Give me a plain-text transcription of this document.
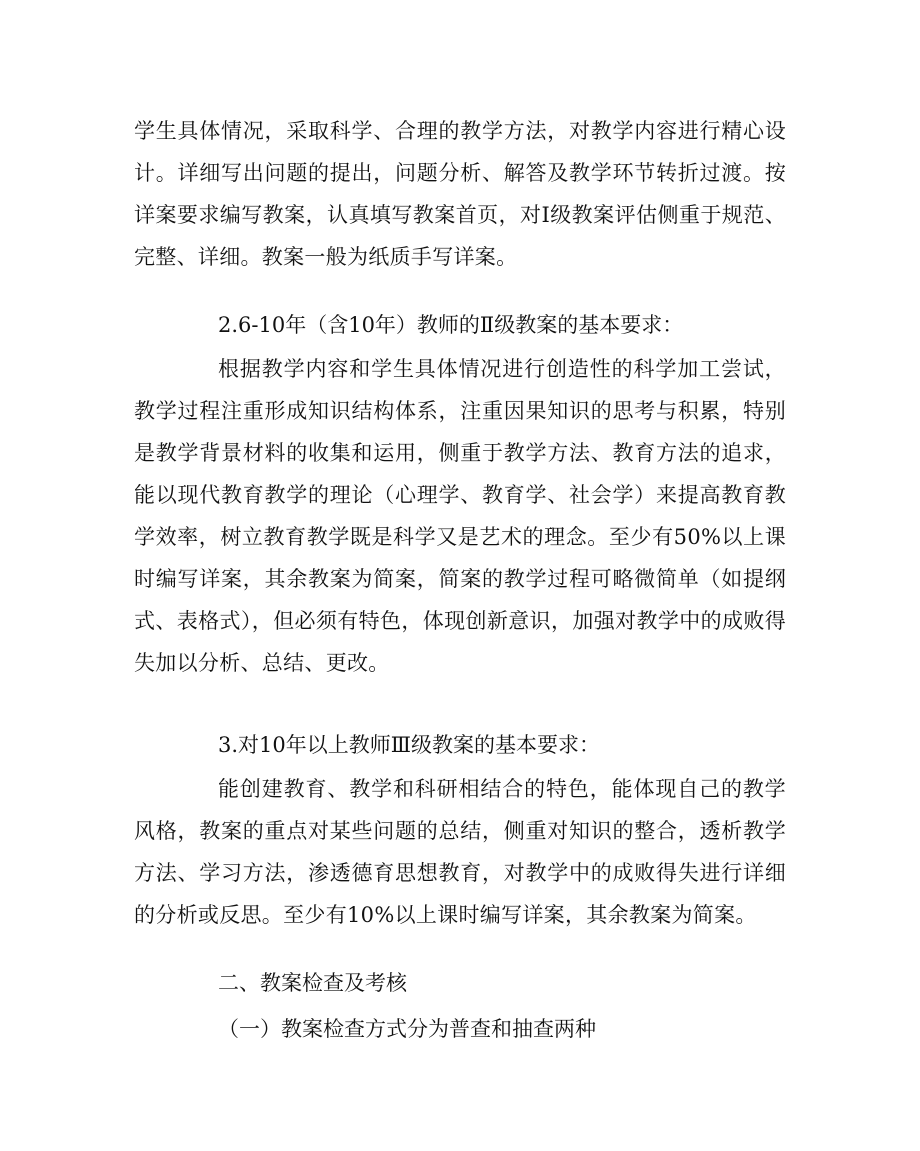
学生具体情况，采取科学、合理的教学方法，对教学内容进行精心设计。详细写出问题的提出，问题分析、解答及教学环节转折过渡。按详案要求编写教案，认真填写教案首页，对Ⅰ级教案评估侧重于规范、完整、详细。教案一般为纸质手写详案。

2.6-10年（含10年）教师的Ⅱ级教案的基本要求：

根据教学内容和学生具体情况进行创造性的科学加工尝试，教学过程注重形成知识结构体系，注重因果知识的思考与积累，特别是教学背景材料的收集和运用，侧重于教学方法、教育方法的追求，能以现代教育教学的理论（心理学、教育学、社会学）来提高教育教学效率，树立教育教学既是科学又是艺术的理念。至少有50%以上课时编写详案，其余教案为简案，简案的教学过程可略微简单（如提纲式、表格式），但必须有特色，体现创新意识，加强对教学中的成败得失加以分析、总结、更改。

3.对10年以上教师Ⅲ级教案的基本要求：

能创建教育、教学和科研相结合的特色，能体现自己的教学风格，教案的重点对某些问题的总结，侧重对知识的整合，透析教学方法、学习方法，渗透德育思想教育，对教学中的成败得失进行详细的分析或反思。至少有10%以上课时编写详案，其余教案为简案。

二、教案检查及考核

（一）教案检查方式分为普查和抽查两种
